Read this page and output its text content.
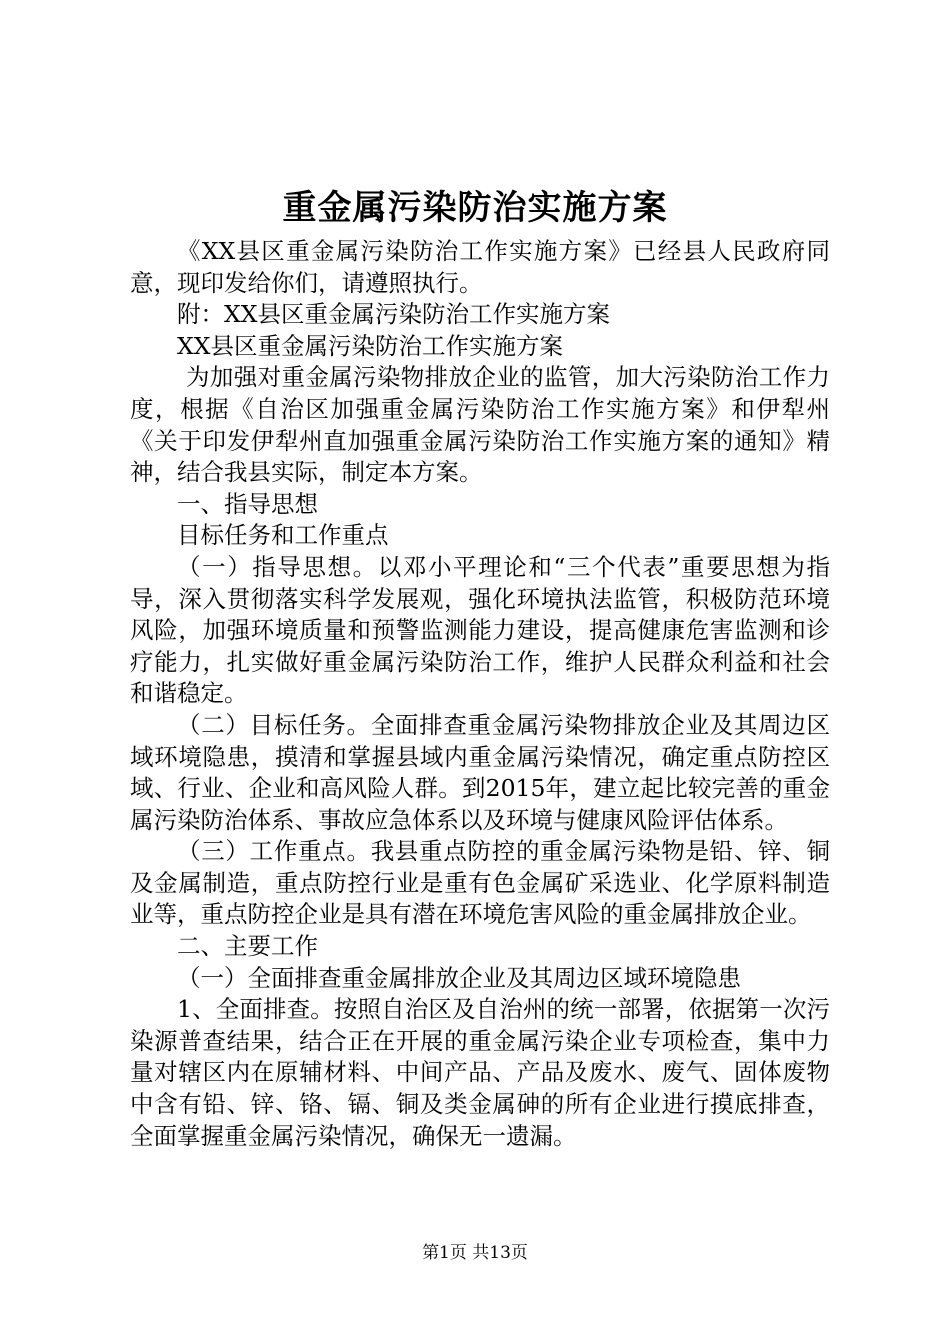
重金属污染防治实施方案

《XX县区重金属污染防治工作实施方案》已经县人民政府同意，现印发给你们，请遵照执行。

附：XX县区重金属污染防治工作实施方案

XX县区重金属污染防治工作实施方案

为加强对重金属污染物排放企业的监管，加大污染防治工作力度，根据《自治区加强重金属污染防治工作实施方案》和伊犁州《关于印发伊犁州直加强重金属污染防治工作实施方案的通知》精神，结合我县实际，制定本方案。

一、指导思想

目标任务和工作重点

（一）指导思想。以邓小平理论和“三个代表”重要思想为指导，深入贯彻落实科学发展观，强化环境执法监管，积极防范环境风险，加强环境质量和预警监测能力建设，提高健康危害监测和诊疗能力，扎实做好重金属污染防治工作，维护人民群众利益和社会和谐稳定。

（二）目标任务。全面排查重金属污染物排放企业及其周边区域环境隐患，摸清和掌握县域内重金属污染情况，确定重点防控区域、行业、企业和高风险人群。到2015年，建立起比较完善的重金属污染防治体系、事故应急体系以及环境与健康风险评估体系。

（三）工作重点。我县重点防控的重金属污染物是铅、锌、铜及金属制造，重点防控行业是重有色金属矿采选业、化学原料制造业等，重点防控企业是具有潜在环境危害风险的重金属排放企业。

二、主要工作

（一）全面排查重金属排放企业及其周边区域环境隐患

1、全面排查。按照自治区及自治州的统一部署，依据第一次污染源普查结果，结合正在开展的重金属污染企业专项检查，集中力量对辖区内在原辅材料、中间产品、产品及废水、废气、固体废物中含有铅、锌、铬、镉、铜及类金属砷的所有企业进行摸底排查，全面掌握重金属污染情况，确保无一遗漏。

第1页 共13页
